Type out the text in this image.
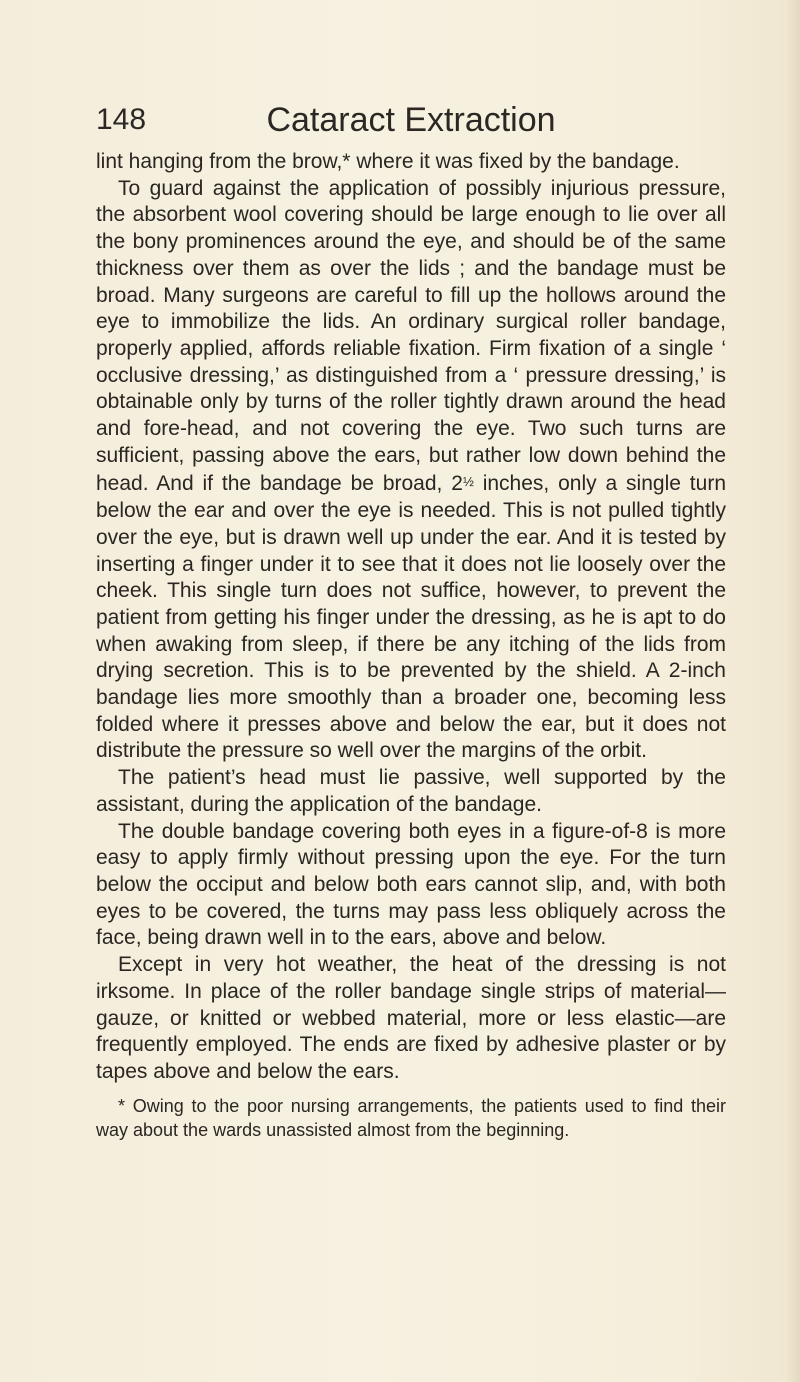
148	Cataract Extraction

lint hanging from the brow,* where it was fixed by the bandage.

To guard against the application of possibly injurious pressure, the absorbent wool covering should be large enough to lie over all the bony prominences around the eye, and should be of the same thickness over them as over the lids ; and the bandage must be broad. Many surgeons are careful to fill up the hollows around the eye to immobilize the lids. An ordinary surgical roller bandage, properly applied, affords reliable fixation. Firm fixation of a single ‘ occlusive dressing,’ as distinguished from a ‘ pressure dressing,’ is obtainable only by turns of the roller tightly drawn around the head and fore-head, and not covering the eye. Two such turns are sufficient, passing above the ears, but rather low down behind the head. And if the bandage be broad, 2½ inches, only a single turn below the ear and over the eye is needed. This is not pulled tightly over the eye, but is drawn well up under the ear. And it is tested by inserting a finger under it to see that it does not lie loosely over the cheek. This single turn does not suffice, however, to prevent the patient from getting his finger under the dressing, as he is apt to do when awaking from sleep, if there be any itching of the lids from drying secretion. This is to be prevented by the shield. A 2-inch bandage lies more smoothly than a broader one, becoming less folded where it presses above and below the ear, but it does not distribute the pressure so well over the margins of the orbit.

The patient’s head must lie passive, well supported by the assistant, during the application of the bandage.

The double bandage covering both eyes in a figure-of-8 is more easy to apply firmly without pressing upon the eye. For the turn below the occiput and below both ears cannot slip, and, with both eyes to be covered, the turns may pass less obliquely across the face, being drawn well in to the ears, above and below.

Except in very hot weather, the heat of the dressing is not irksome. In place of the roller bandage single strips of material—gauze, or knitted or webbed material, more or less elastic—are frequently employed. The ends are fixed by adhesive plaster or by tapes above and below the ears.

* Owing to the poor nursing arrangements, the patients used to find their way about the wards unassisted almost from the beginning.
